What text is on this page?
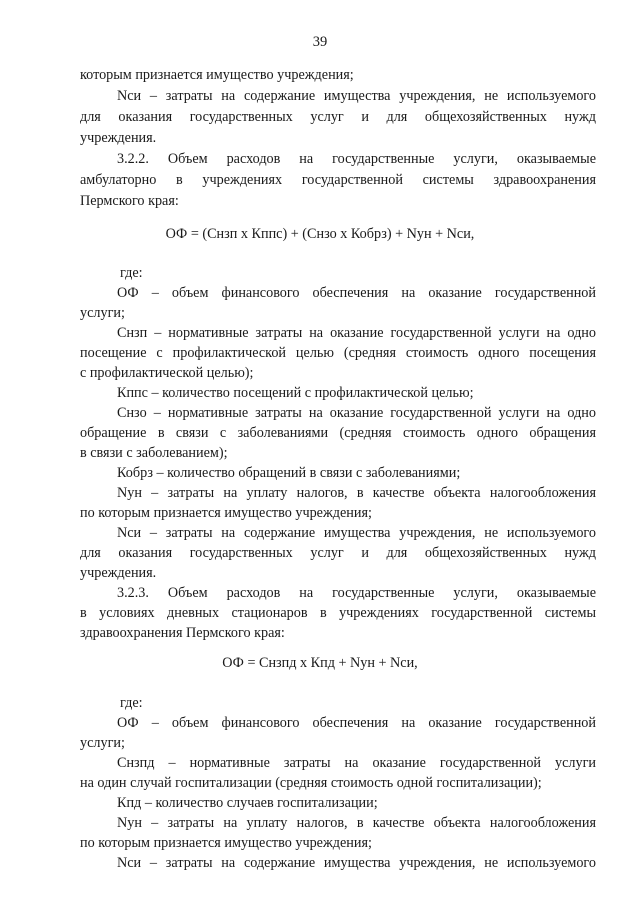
39
которым признается имущество учреждения;
Nси – затраты на содержание имущества учреждения, не используемого
для оказания государственных услуг и для общехозяйственных нужд
учреждения.
3.2.2. Объем расходов на государственные услуги, оказываемые
амбулаторно в учреждениях государственной системы здравоохранения
Пермского края:
ОФ = (Снзп х Кппс) + (Снзо х Кобрз) + Nун + Nси,
где:
ОФ – объем финансового обеспечения на оказание государственной
услуги;
Снзп – нормативные затраты на оказание государственной услуги на одно
посещение с профилактической целью (средняя стоимость одного посещения
с профилактической целью);
Кппс – количество посещений с профилактической целью;
Снзо – нормативные затраты на оказание государственной услуги на одно
обращение в связи с заболеваниями (средняя стоимость одного обращения
в связи с заболеванием);
Кобрз – количество обращений в связи с заболеваниями;
Nун – затраты на уплату налогов, в качестве объекта налогообложения
по которым признается имущество учреждения;
Nси – затраты на содержание имущества учреждения, не используемого
для оказания государственных услуг и для общехозяйственных нужд
учреждения.
3.2.3. Объем расходов на государственные услуги, оказываемые
в условиях дневных стационаров в учреждениях государственной системы
здравоохранения Пермского края:
ОФ = Снзпд х Кпд + Nун + Nси,
где:
ОФ – объем финансового обеспечения на оказание государственной
услуги;
Снзпд – нормативные затраты на оказание государственной услуги
на один случай госпитализации (средняя стоимость одной госпитализации);
Кпд – количество случаев госпитализации;
Nун – затраты на уплату налогов, в качестве объекта налогообложения
по которым признается имущество учреждения;
Nси – затраты на содержание имущества учреждения, не используемого
